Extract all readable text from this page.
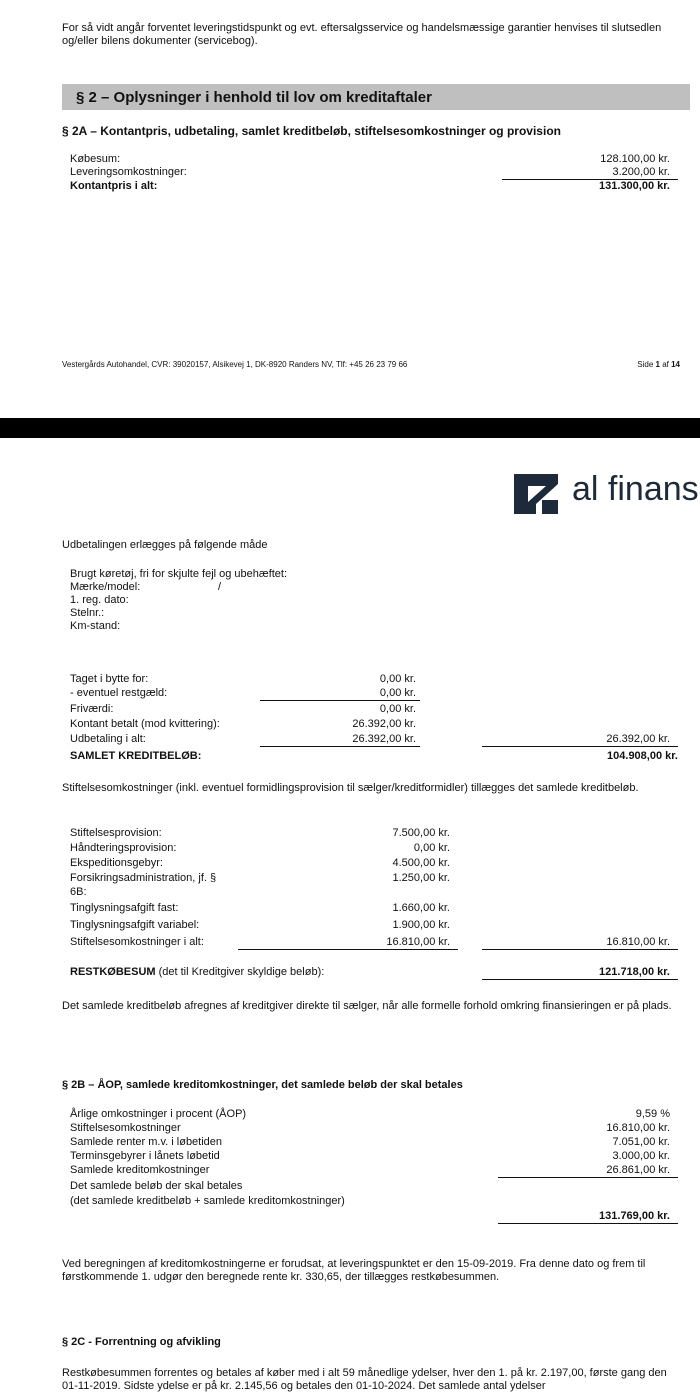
For så vidt angår forventet leveringstidspunkt og evt. eftersalgsservice og handelsmæssige garantier henvises til slutsedlen og/eller bilens dokumenter (servicebog).
§ 2 – Oplysninger i henhold til lov om kreditaftaler
§ 2A – Kontantpris, udbetaling, samlet kreditbeløb, stiftelsesomkostninger og provision
Købesum:	128.100,00 kr.
Leveringsomkostninger:	3.200,00 kr.
Kontantpris i alt:	131.300,00 kr.
Vestergårds Autohandel, CVR: 39020157, Alsikevej 1, DK-8920 Randers NV, Tlf: +45 26 23 79 66	Side 1 af 14
al finans
Udbetalingen erlægges på følgende måde
Brugt køretøj, fri for skjulte fejl og ubehæftet:
Mærke/model:	/
1. reg. dato:
Stelnr.:
Km-stand:
Taget i bytte for:	0,00 kr.
- eventuel restgæld:	0,00 kr.
Friværdi:	0,00 kr.
Kontant betalt (mod kvittering):	26.392,00 kr.
Udbetaling i alt:	26.392,00 kr.	26.392,00 kr.
SAMLET KREDITBELØB:	104.908,00 kr.
Stiftelsesomkostninger (inkl. eventuel formidlingsprovision til sælger/kreditformidler) tillægges det samlede kreditbeløb.
Stiftelsesprovision:	7.500,00 kr.
Håndteringsprovision:	0,00 kr.
Ekspeditionsgebyr:	4.500,00 kr.
Forsikringsadministration, jf. §	1.250,00 kr.
6B:
Tinglysningsafgift fast:	1.660,00 kr.
Tinglysningsafgift variabel:	1.900,00 kr.
Stiftelsesomkostninger i alt:	16.810,00 kr.	16.810,00 kr.
RESTKØBESUM (det til Kreditgiver skyldige beløb):	121.718,00 kr.
Det samlede kreditbeløb afregnes af kreditgiver direkte til sælger, når alle formelle forhold omkring finansieringen er på plads.
§ 2B – ÅOP, samlede kreditomkostninger, det samlede beløb der skal betales
Årlige omkostninger i procent (ÅOP)	9,59 %
Stiftelsesomkostninger	16.810,00 kr.
Samlede renter m.v. i løbetiden	7.051,00 kr.
Terminsgebyrer i lånets løbetid	3.000,00 kr.
Samlede kreditomkostninger	26.861,00 kr.
Det samlede beløb der skal betales
(det samlede kreditbeløb + samlede kreditomkostninger)
131.769,00 kr.
Ved beregningen af kreditomkostningerne er forudsat, at leveringspunktet er den 15-09-2019. Fra denne dato og frem til førstkommende 1. udgør den beregnede rente kr. 330,65, der tillægges restkøbesummen.
§ 2C - Forrentning og afvikling
Restkøbesummen forrentes og betales af køber med i alt 59 månedlige ydelser, hver den 1. på kr. 2.197,00, første gang den 01-11-2019. Sidste ydelse er på kr. 2.145,56 og betales den 01-10-2024. Det samlede antal ydelser
